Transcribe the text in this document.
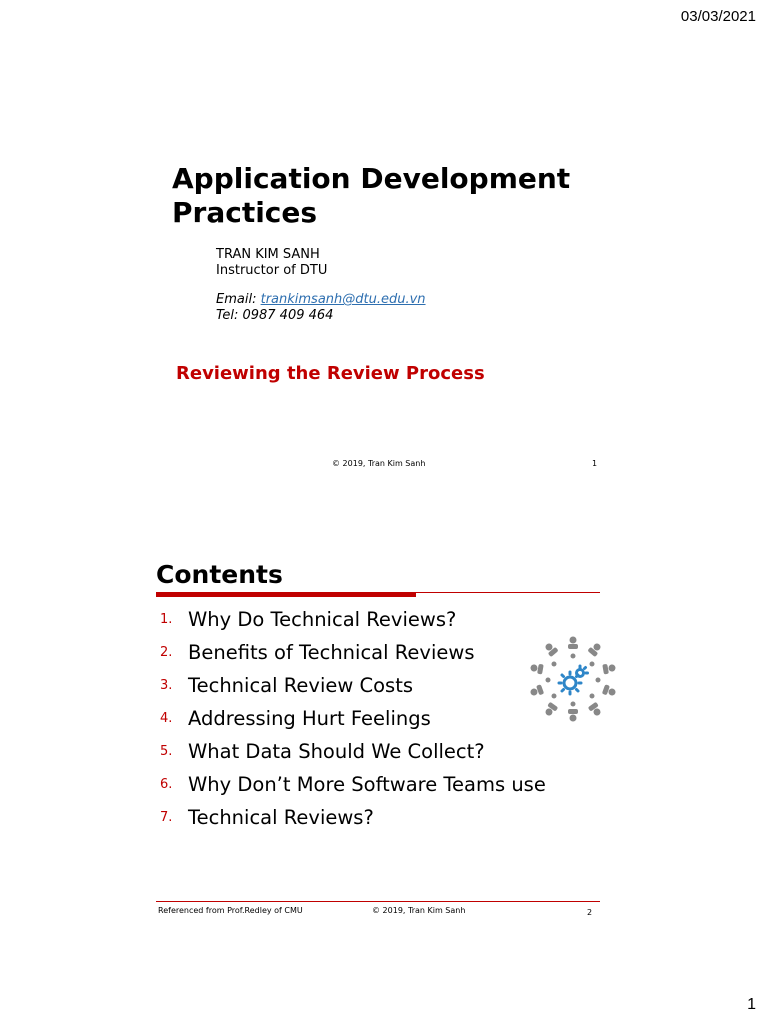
03/03/2021
Application Development Practices
TRAN KIM SANH
Instructor of DTU
Email: trankimsanh@dtu.edu.vn
Tel: 0987 409 464
Reviewing the Review Process
© 2019, Tran Kim Sanh	1
Contents
1. Why Do Technical Reviews?
2. Benefits of Technical Reviews
3. Technical Review Costs
4. Addressing Hurt Feelings
5. What Data Should We Collect?
6. Why Don’t More Software Teams use
7. Technical Reviews?
Referenced from Prof.Redley of CMU	© 2019, Tran Kim Sanh	2
1
